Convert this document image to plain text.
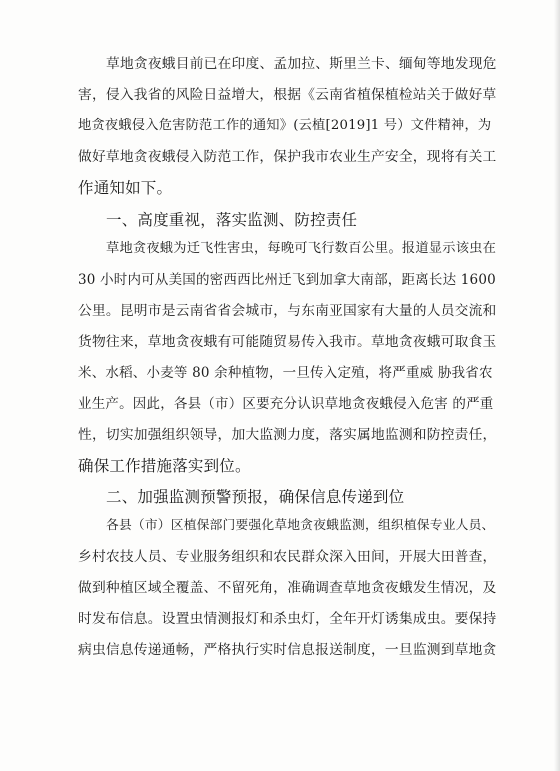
草地贪夜蛾目前已在印度、孟加拉、斯里兰卡、缅甸等地发现危
害，侵入我省的风险日益增大，根据《云南省植保植检站关于做好草
地贪夜蛾侵入危害防范工作的通知》(云植[2019]1 号）文件精神，为
做好草地贪夜蛾侵入防范工作，保护我市农业生产安全，现将有关工
作通知如下。
一、高度重视，落实监测、防控责任
草地贪夜蛾为迁飞性害虫，每晚可飞行数百公里。报道显示该虫在
30 小时内可从美国的密西西比州迁飞到加拿大南部，距离长达 1600
公里。昆明市是云南省省会城市，与东南亚国家有大量的人员交流和
货物往来，草地贪夜蛾有可能随贸易传入我市。草地贪夜蛾可取食玉
米、水稻、小麦等 80 余种植物，一旦传入定殖，将严重威 胁我省农
业生产。因此，各县（市）区要充分认识草地贪夜蛾侵入危害 的严重
性，切实加强组织领导，加大监测力度，落实属地监测和防控责任，
确保工作措施落实到位。
二、加强监测预警预报，确保信息传递到位
各县（市）区植保部门要强化草地贪夜蛾监测，组织植保专业人员、
乡村农技人员、专业服务组织和农民群众深入田间，开展大田普查，
做到种植区域全覆盖、不留死角，准确调查草地贪夜蛾发生情况，及
时发布信息。设置虫情测报灯和杀虫灯，全年开灯诱集成虫。要保持
病虫信息传递通畅，严格执行实时信息报送制度，一旦监测到草地贪
